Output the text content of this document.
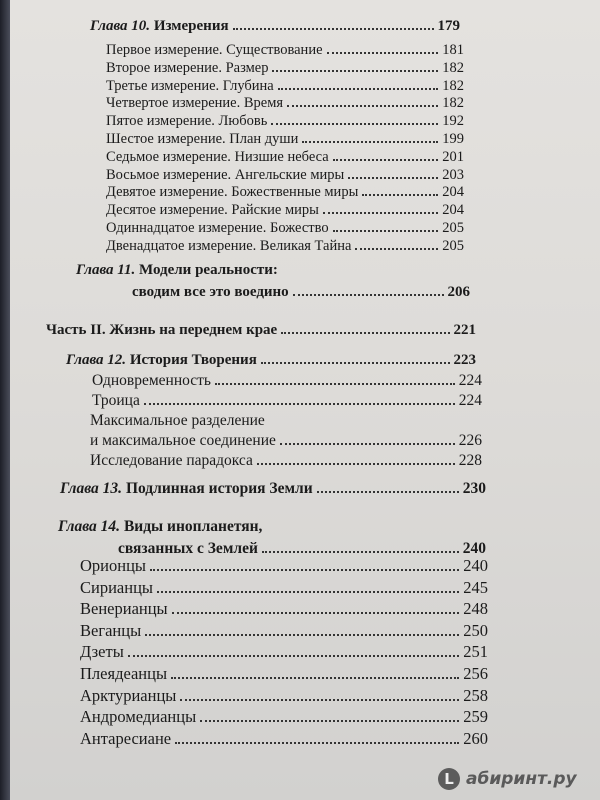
Глава 10. Измерения	179
Первое измерение. Существование	181
Второе измерение. Размер	182
Третье измерение. Глубина	182
Четвертое измерение. Время	182
Пятое измерение. Любовь	192
Шестое измерение. План души	199
Седьмое измерение. Низшие небеса	201
Восьмое измерение. Ангельские миры	203
Девятое измерение. Божественные миры	204
Десятое измерение. Райские миры	204
Одиннадцатое измерение. Божество	205
Двенадцатое измерение. Великая Тайна	205
Глава 11. Модели реальности:
сводим все это воедино	206
Часть II. Жизнь на переднем крае	221
Глава 12. История Творения	223
Одновременность	224
Троица	224
Максимальное разделение
и максимальное соединение	226
Исследование парадокса	228
Глава 13. Подлинная история Земли	230
Глава 14. Виды инопланетян,
связанных с Землей	240
Орионцы	240
Сирианцы	245
Венерианцы	248
Веганцы	250
Дзеты	251
Плеядеанцы	256
Арктурианцы	258
Андромедианцы	259
Антаресиане	260
L абиринт.ру
